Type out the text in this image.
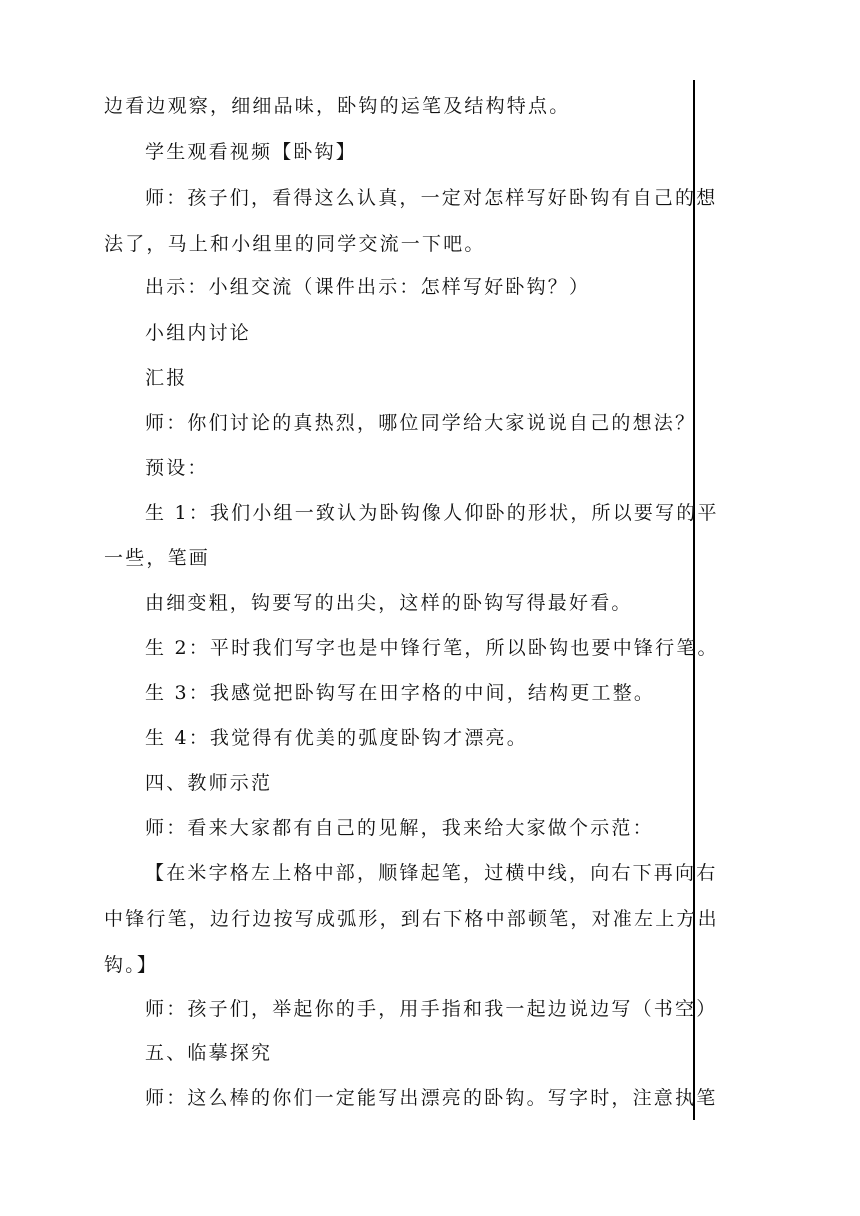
边看边观察，细细品味，卧钩的运笔及结构特点。
学生观看视频【卧钩】
师：孩子们，看得这么认真，一定对怎样写好卧钩有自己的想
法了，马上和小组里的同学交流一下吧。
出示：小组交流（课件出示：怎样写好卧钩？）
小组内讨论
汇报
师：你们讨论的真热烈，哪位同学给大家说说自己的想法？
预设：
生 1：我们小组一致认为卧钩像人仰卧的形状，所以要写的平
一些，笔画
由细变粗，钩要写的出尖，这样的卧钩写得最好看。
生 2：平时我们写字也是中锋行笔，所以卧钩也要中锋行笔。
生 3：我感觉把卧钩写在田字格的中间，结构更工整。
生 4：我觉得有优美的弧度卧钩才漂亮。
四、教师示范
师：看来大家都有自己的见解，我来给大家做个示范：
【在米字格左上格中部，顺锋起笔，过横中线，向右下再向右
中锋行笔，边行边按写成弧形，到右下格中部顿笔，对准左上方出
钩。】
师：孩子们，举起你的手，用手指和我一起边说边写（书空）
五、临摹探究
师：这么棒的你们一定能写出漂亮的卧钩。写字时，注意执笔
